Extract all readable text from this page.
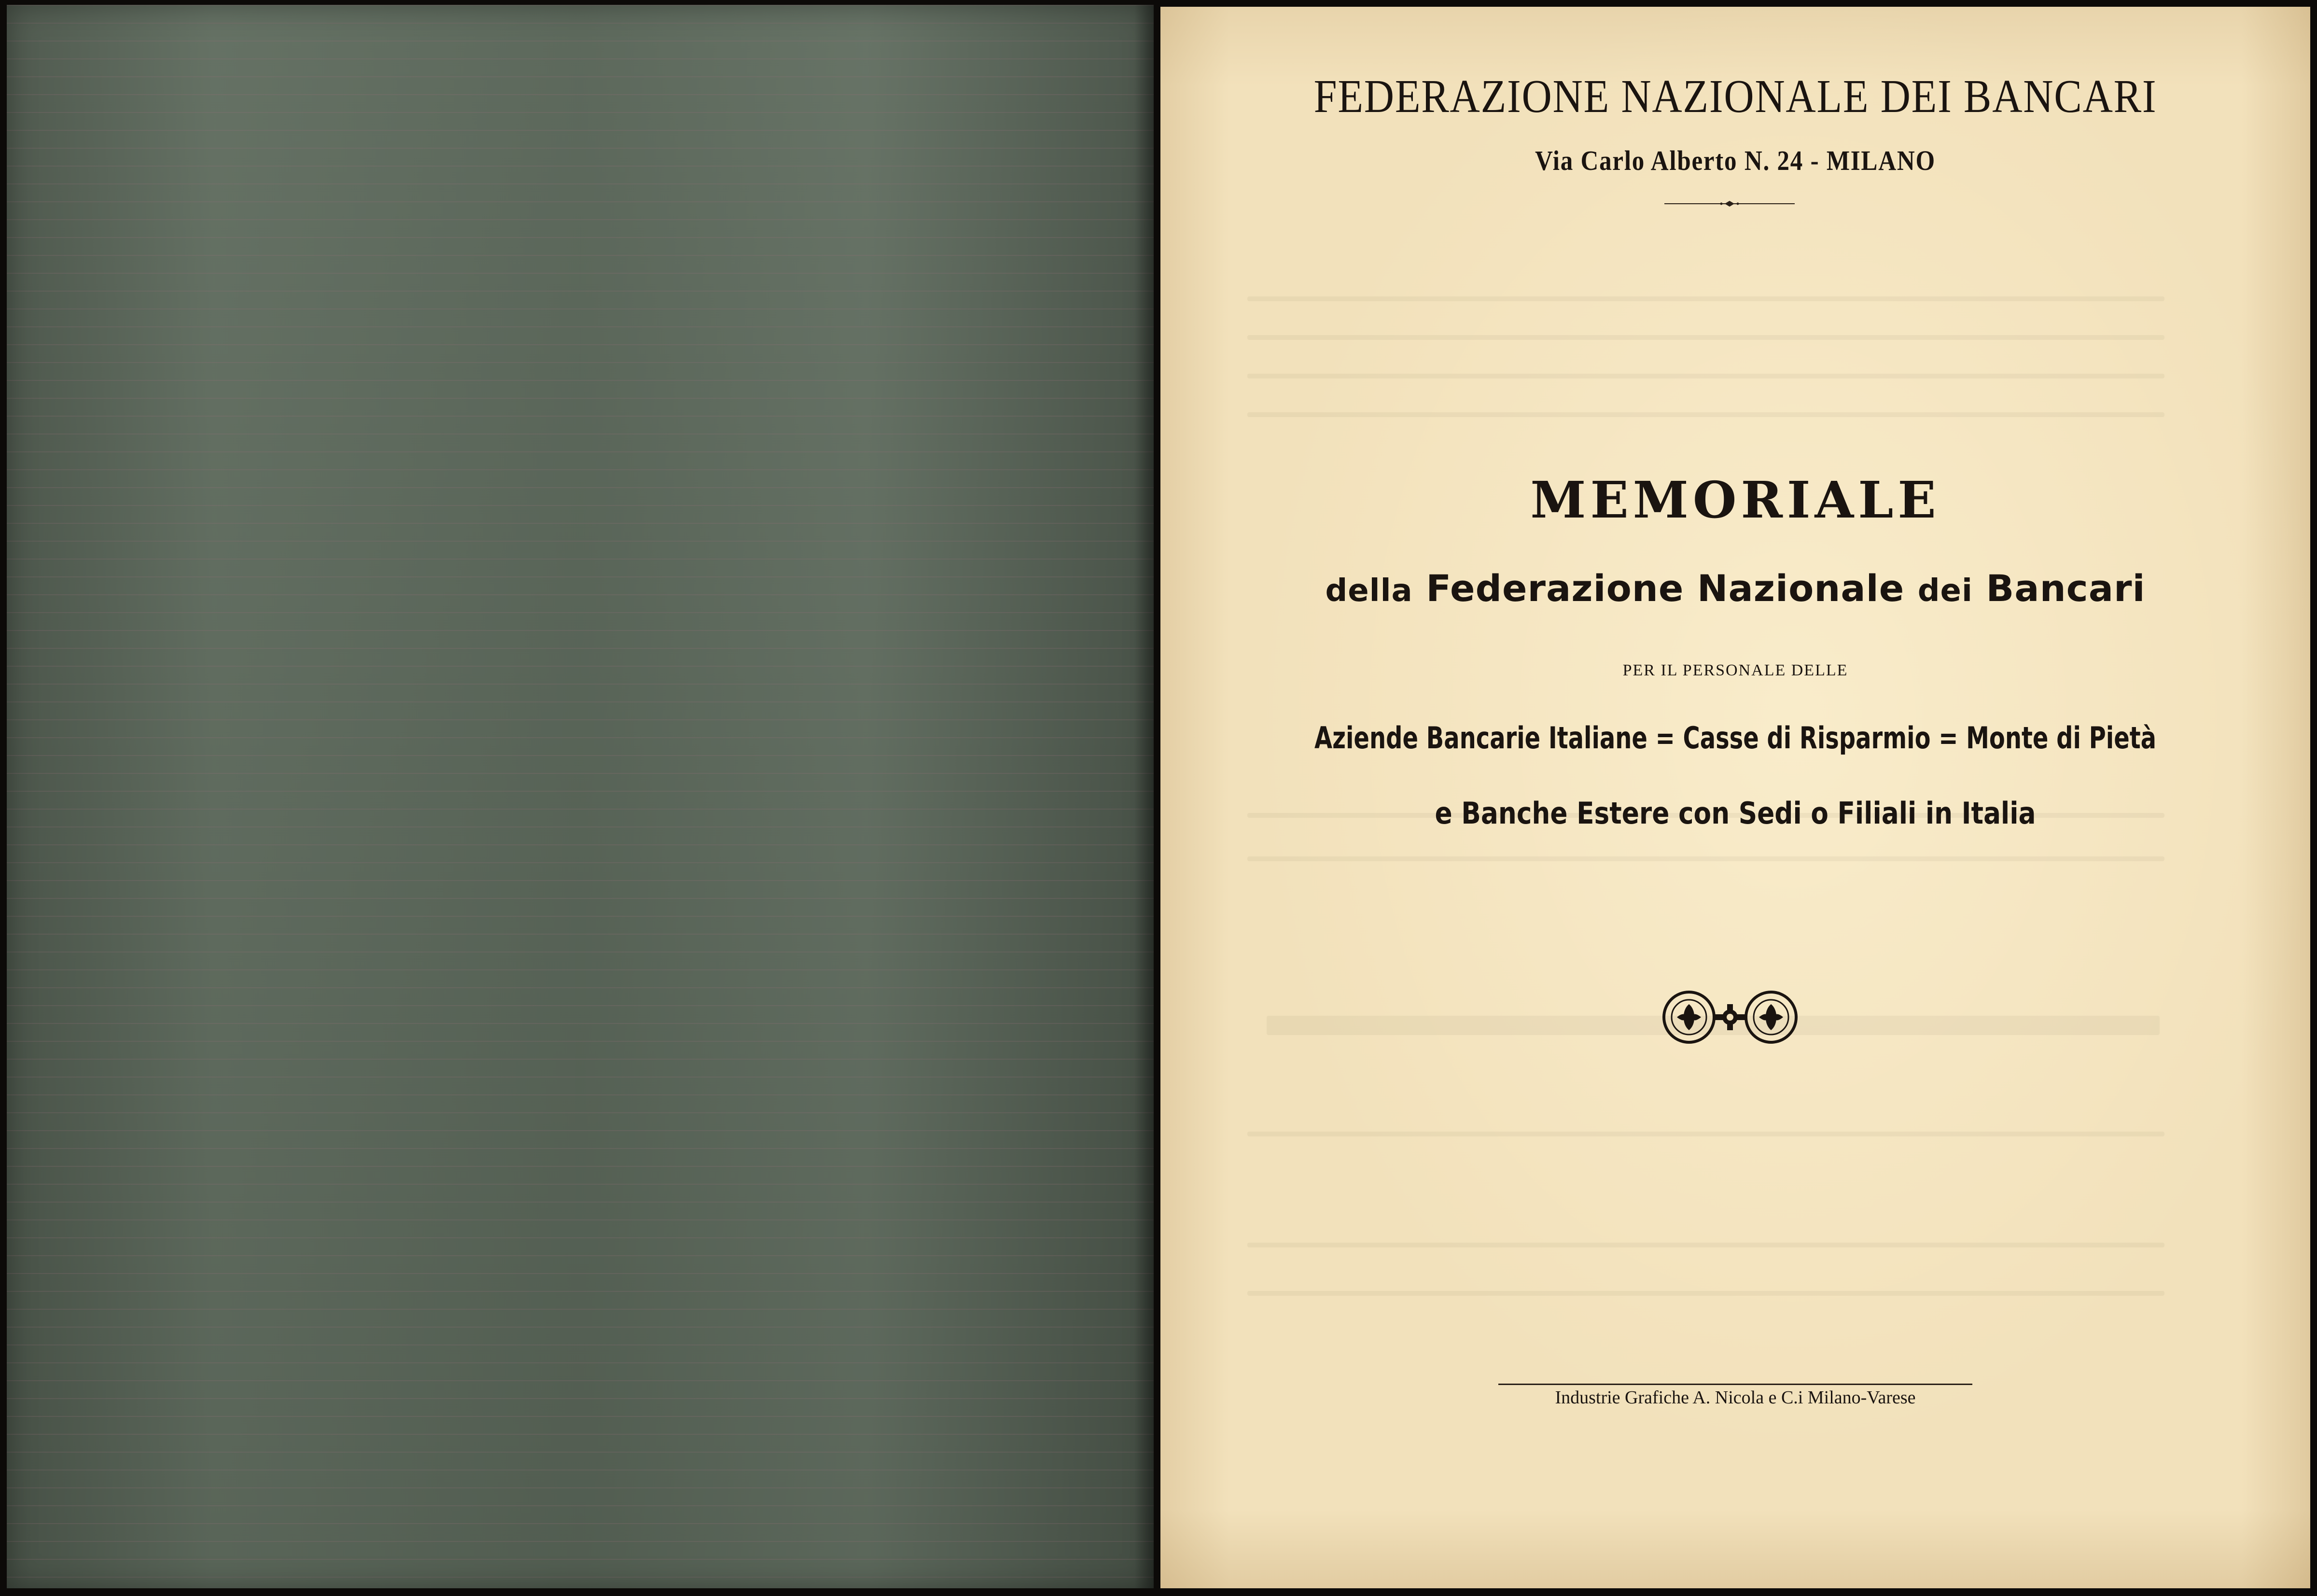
FEDERAZIONE NAZIONALE DEI BANCARI
Via Carlo Alberto N. 24 - MILANO
MEMORIALE
della Federazione Nazionale dei Bancari
PER IL PERSONALE DELLE
Aziende Bancarie Italiane = Casse di Risparmio = Monte di Pietà
e Banche Estere con Sedi o Filiali in Italia
Industrie Grafiche A. Nicola e C.i Milano-Varese
